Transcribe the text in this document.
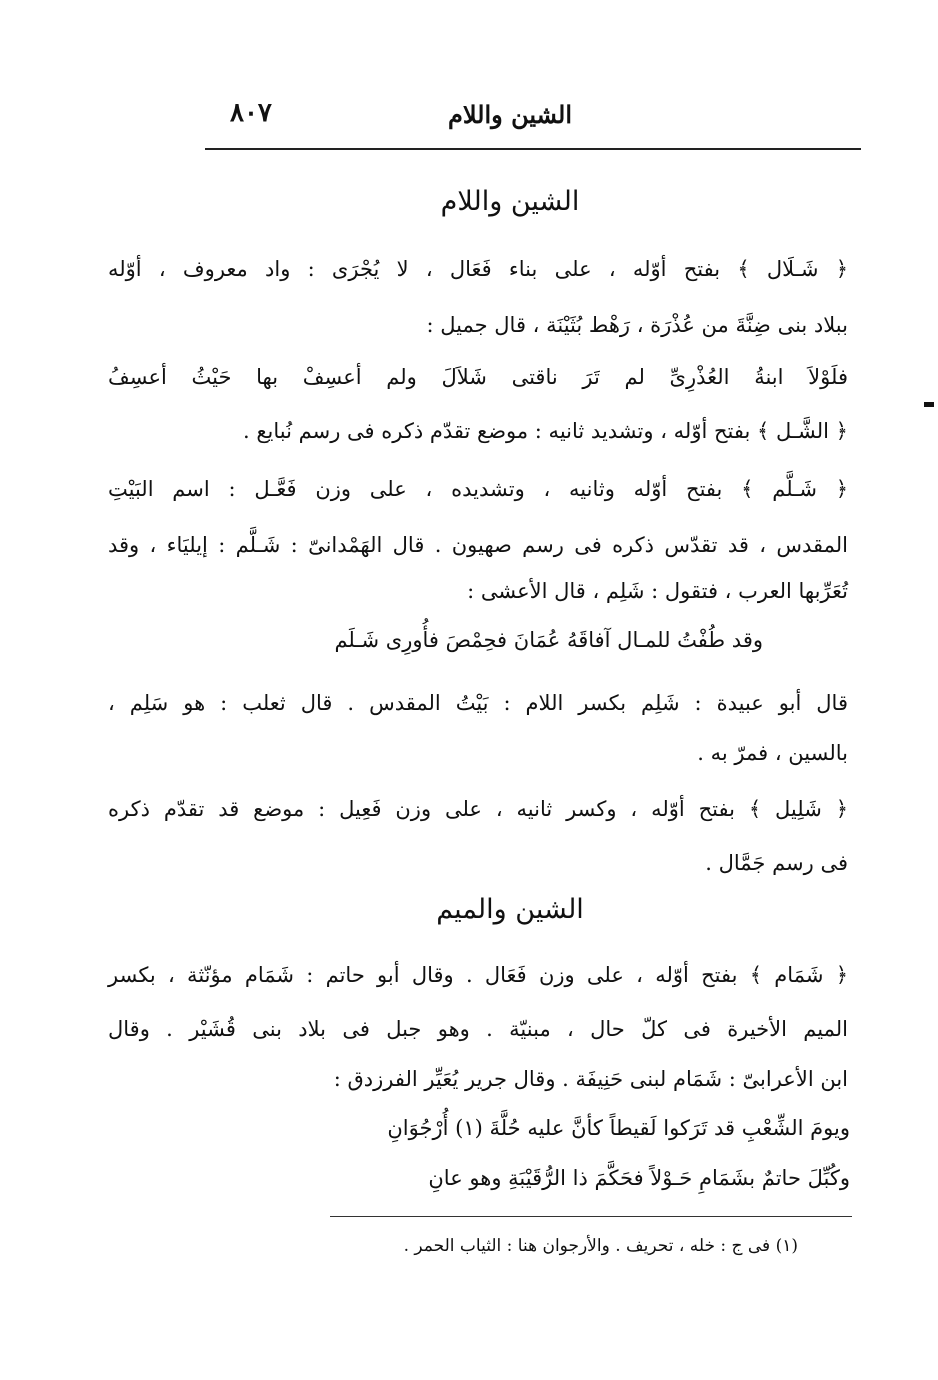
الشين واللام
٨٠٧
الشين واللام
﴿ شَـلَال ﴾ بفتح أوّله ، على بناء فَعَال ، لا يُجْرَى : واد معروف ، أوّله
ببلاد بنى ضِنَّةَ من عُذْرَة ، رَهْط بُثَيْنَة ، قال جميل :
فلَوْلاَ ابنةُ العُذْرِىِّ لم تَرَ ناقتى شَلاَلَ ولم أعسِفْ بها حَيْثُ أعسِفُ
﴿ الشَّـل ﴾ بفتح أوّله ، وتشديد ثانيه : موضع تقدّم ذكره فى رسم نُبايع .
﴿ شَـلَّم ﴾ بفتح أوّله وثانيه ، وتشديده ، على وزن فَعَّـل : اسم البَيْتِ
المقدس ، قد تقدّس ذكره فى رسم صهيون . قال الهَمْدانىّ : شَـلَّم : إيليَاء ، وقد
تُعَرِّبها العرب ، فتقول : شَلِم ، قال الأعشى :
وقد طُفْتُ للمـال آفاقَهُ عُمَانَ فحِمْصَ فأُورِى شَـلَم
قال أبو عبيدة : شَلِم بكسر اللام : بَيْتُ المقدس . قال ثعلب : هو سَلِم ،
بالسين ، فمرّ به .
﴿ شَلِيل ﴾ بفتح أوّله ، وكسر ثانيه ، على وزن فَعِيل : موضع قد تقدّم ذكره
فى رسم جَمَّال .
الشين والميم
﴿ شَمَام ﴾ بفتح أوّله ، على وزن فَعَال . وقال أبو حاتم : شَمَام مؤنّثة ، بكسر
الميم الأخيرة فى كلّ حال ، مبنيّة . وهو جبل فى بلاد بنى قُشَيْر . وقال
ابن الأعرابىّ : شَمَام لبنى حَنِيفَة . وقال جرير يُعَيِّر الفرزدق :
ويومَ الشِّعْبِ قد تَرَكوا لَقيطاً كأنَّ عليه حُلَّةَ (١) أُرْجُوَانِ
وكُبِّلَ حاتمٌ بشَمَامِ حَـوْلاً فحَكَّمَ ذا الرُّقَيْبَةِ وهو عانِ
(١) فى ج : خله ، تحريف . والأرجوان هنا : الثياب الحمر .
